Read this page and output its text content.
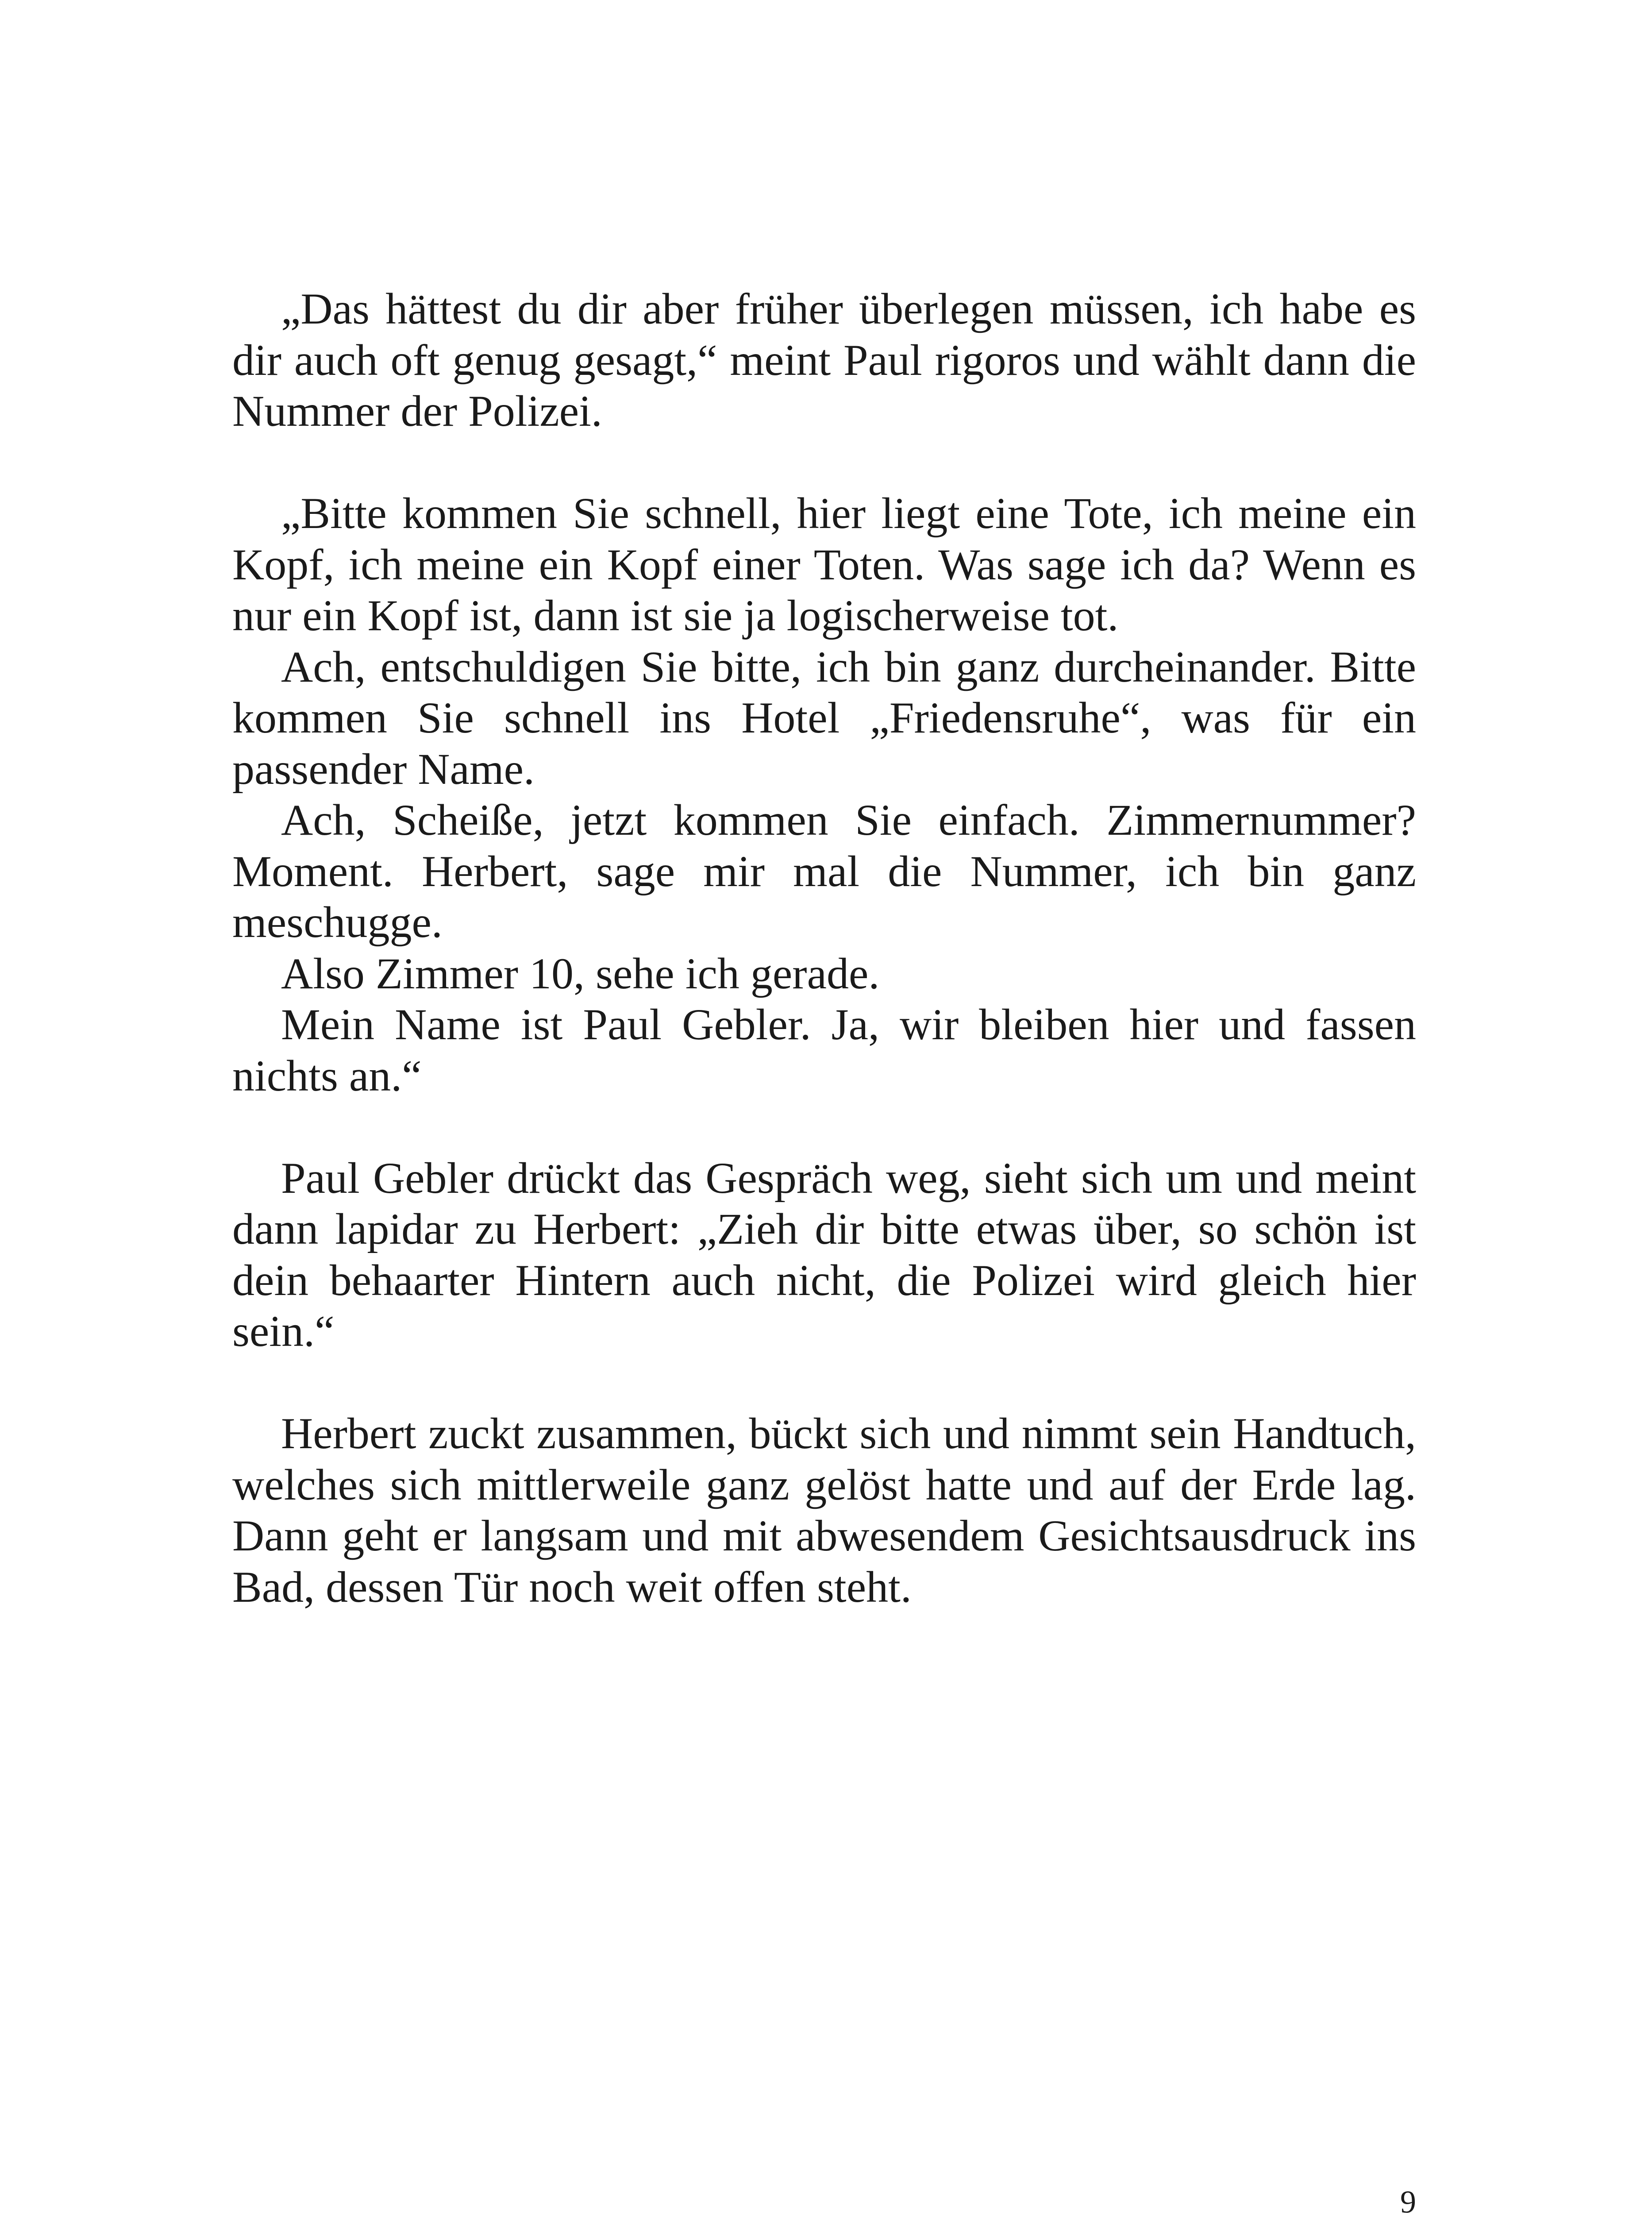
„Das hättest du dir aber früher überlegen müssen, ich habe es dir auch oft genug gesagt,“ meint Paul rigoros und wählt dann die Nummer der Polizei.

„Bitte kommen Sie schnell, hier liegt eine Tote, ich meine ein Kopf, ich meine ein Kopf einer Toten. Was sage ich da? Wenn es nur ein Kopf ist, dann ist sie ja logischerweise tot.

Ach, entschuldigen Sie bitte, ich bin ganz durcheinander. Bitte kommen Sie schnell ins Hotel „Friedensruhe“, was für ein passender Name.

Ach, Scheiße, jetzt kommen Sie einfach. Zimmernummer? Moment. Herbert, sage mir mal die Nummer, ich bin ganz meschugge.

Also Zimmer 10, sehe ich gerade.

Mein Name ist Paul Gebler. Ja, wir bleiben hier und fassen nichts an.“

Paul Gebler drückt das Gespräch weg, sieht sich um und meint dann lapidar zu Herbert: „Zieh dir bitte etwas über, so schön ist dein behaarter Hintern auch nicht, die Polizei wird gleich hier sein.“

Herbert zuckt zusammen, bückt sich und nimmt sein Handtuch, welches sich mittlerweile ganz gelöst hatte und auf der Erde lag. Dann geht er langsam und mit abwesendem Gesichtsausdruck ins Bad, dessen Tür noch weit offen steht.

9
